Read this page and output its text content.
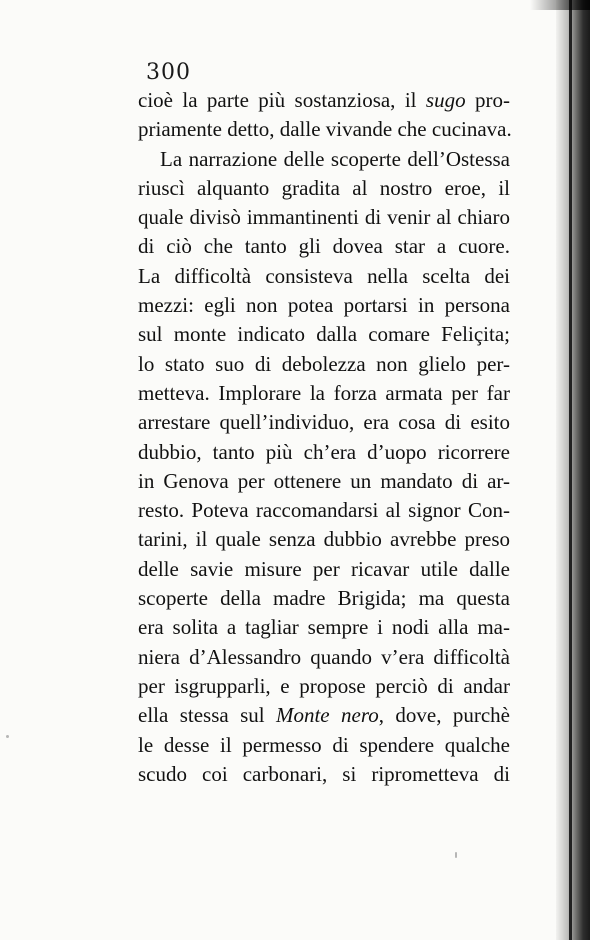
300
cioè la parte più sostanziosa, il sugo pro-
priamente detto, dalle vivande che cucinava.
La narrazione delle scoperte dell’Ostessa
riuscì alquanto gradita al nostro eroe, il
quale divisò immantinenti di venir al chiaro
di ciò che tanto gli dovea star a cuore.
La difficoltà consisteva nella scelta dei
mezzi: egli non potea portarsi in persona
sul monte indicato dalla comare Feliçita;
lo stato suo di debolezza non glielo per-
metteva. Implorare la forza armata per far
arrestare quell’individuo, era cosa di esito
dubbio, tanto più ch’era d’uopo ricorrere
in Genova per ottenere un mandato di ar-
resto. Poteva raccomandarsi al signor Con-
tarini, il quale senza dubbio avrebbe preso
delle savie misure per ricavar utile dalle
scoperte della madre Brigida; ma questa
era solita a tagliar sempre i nodi alla ma-
niera d’Alessandro quando v’era difficoltà
per isgrupparli, e propose perciò di andar
ella stessa sul Monte nero, dove, purchè
le desse il permesso di spendere qualche
scudo coi carbonari, si riprometteva di
